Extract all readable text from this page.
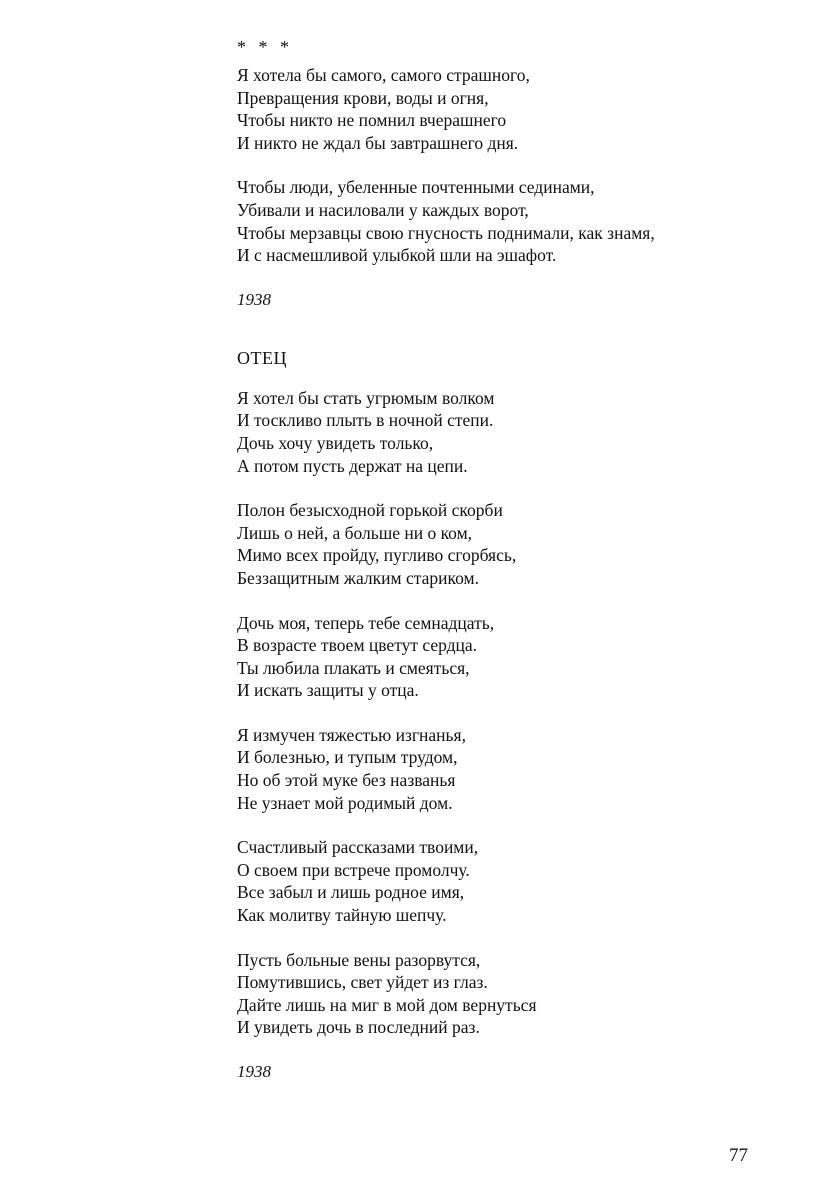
* * *
Я хотела бы самого, самого страшного,
Превращения крови, воды и огня,
Чтобы никто не помнил вчерашнего
И никто не ждал бы завтрашнего дня.
Чтобы люди, убеленные почтенными сединами,
Убивали и насиловали у каждых ворот,
Чтобы мерзавцы свою гнусность поднимали, как знамя,
И с насмешливой улыбкой шли на эшафот.
1938
ОТЕЦ
Я хотел бы стать угрюмым волком
И тоскливо плыть в ночной степи.
Дочь хочу увидеть только,
А потом пусть держат на цепи.
Полон безысходной горькой скорби
Лишь о ней, а больше ни о ком,
Мимо всех пройду, пугливо сгорбясь,
Беззащитным жалким стариком.
Дочь моя, теперь тебе семнадцать,
В возрасте твоем цветут сердца.
Ты любила плакать и смеяться,
И искать защиты у отца.
Я измучен тяжестью изгнанья,
И болезнью, и тупым трудом,
Но об этой муке без названья
Не узнает мой родимый дом.
Счастливый рассказами твоими,
О своем при встрече промолчу.
Все забыл и лишь родное имя,
Как молитву тайную шепчу.
Пусть больные вены разорвутся,
Помутившись, свет уйдет из глаз.
Дайте лишь на миг в мой дом вернуться
И увидеть дочь в последний раз.
1938
77
